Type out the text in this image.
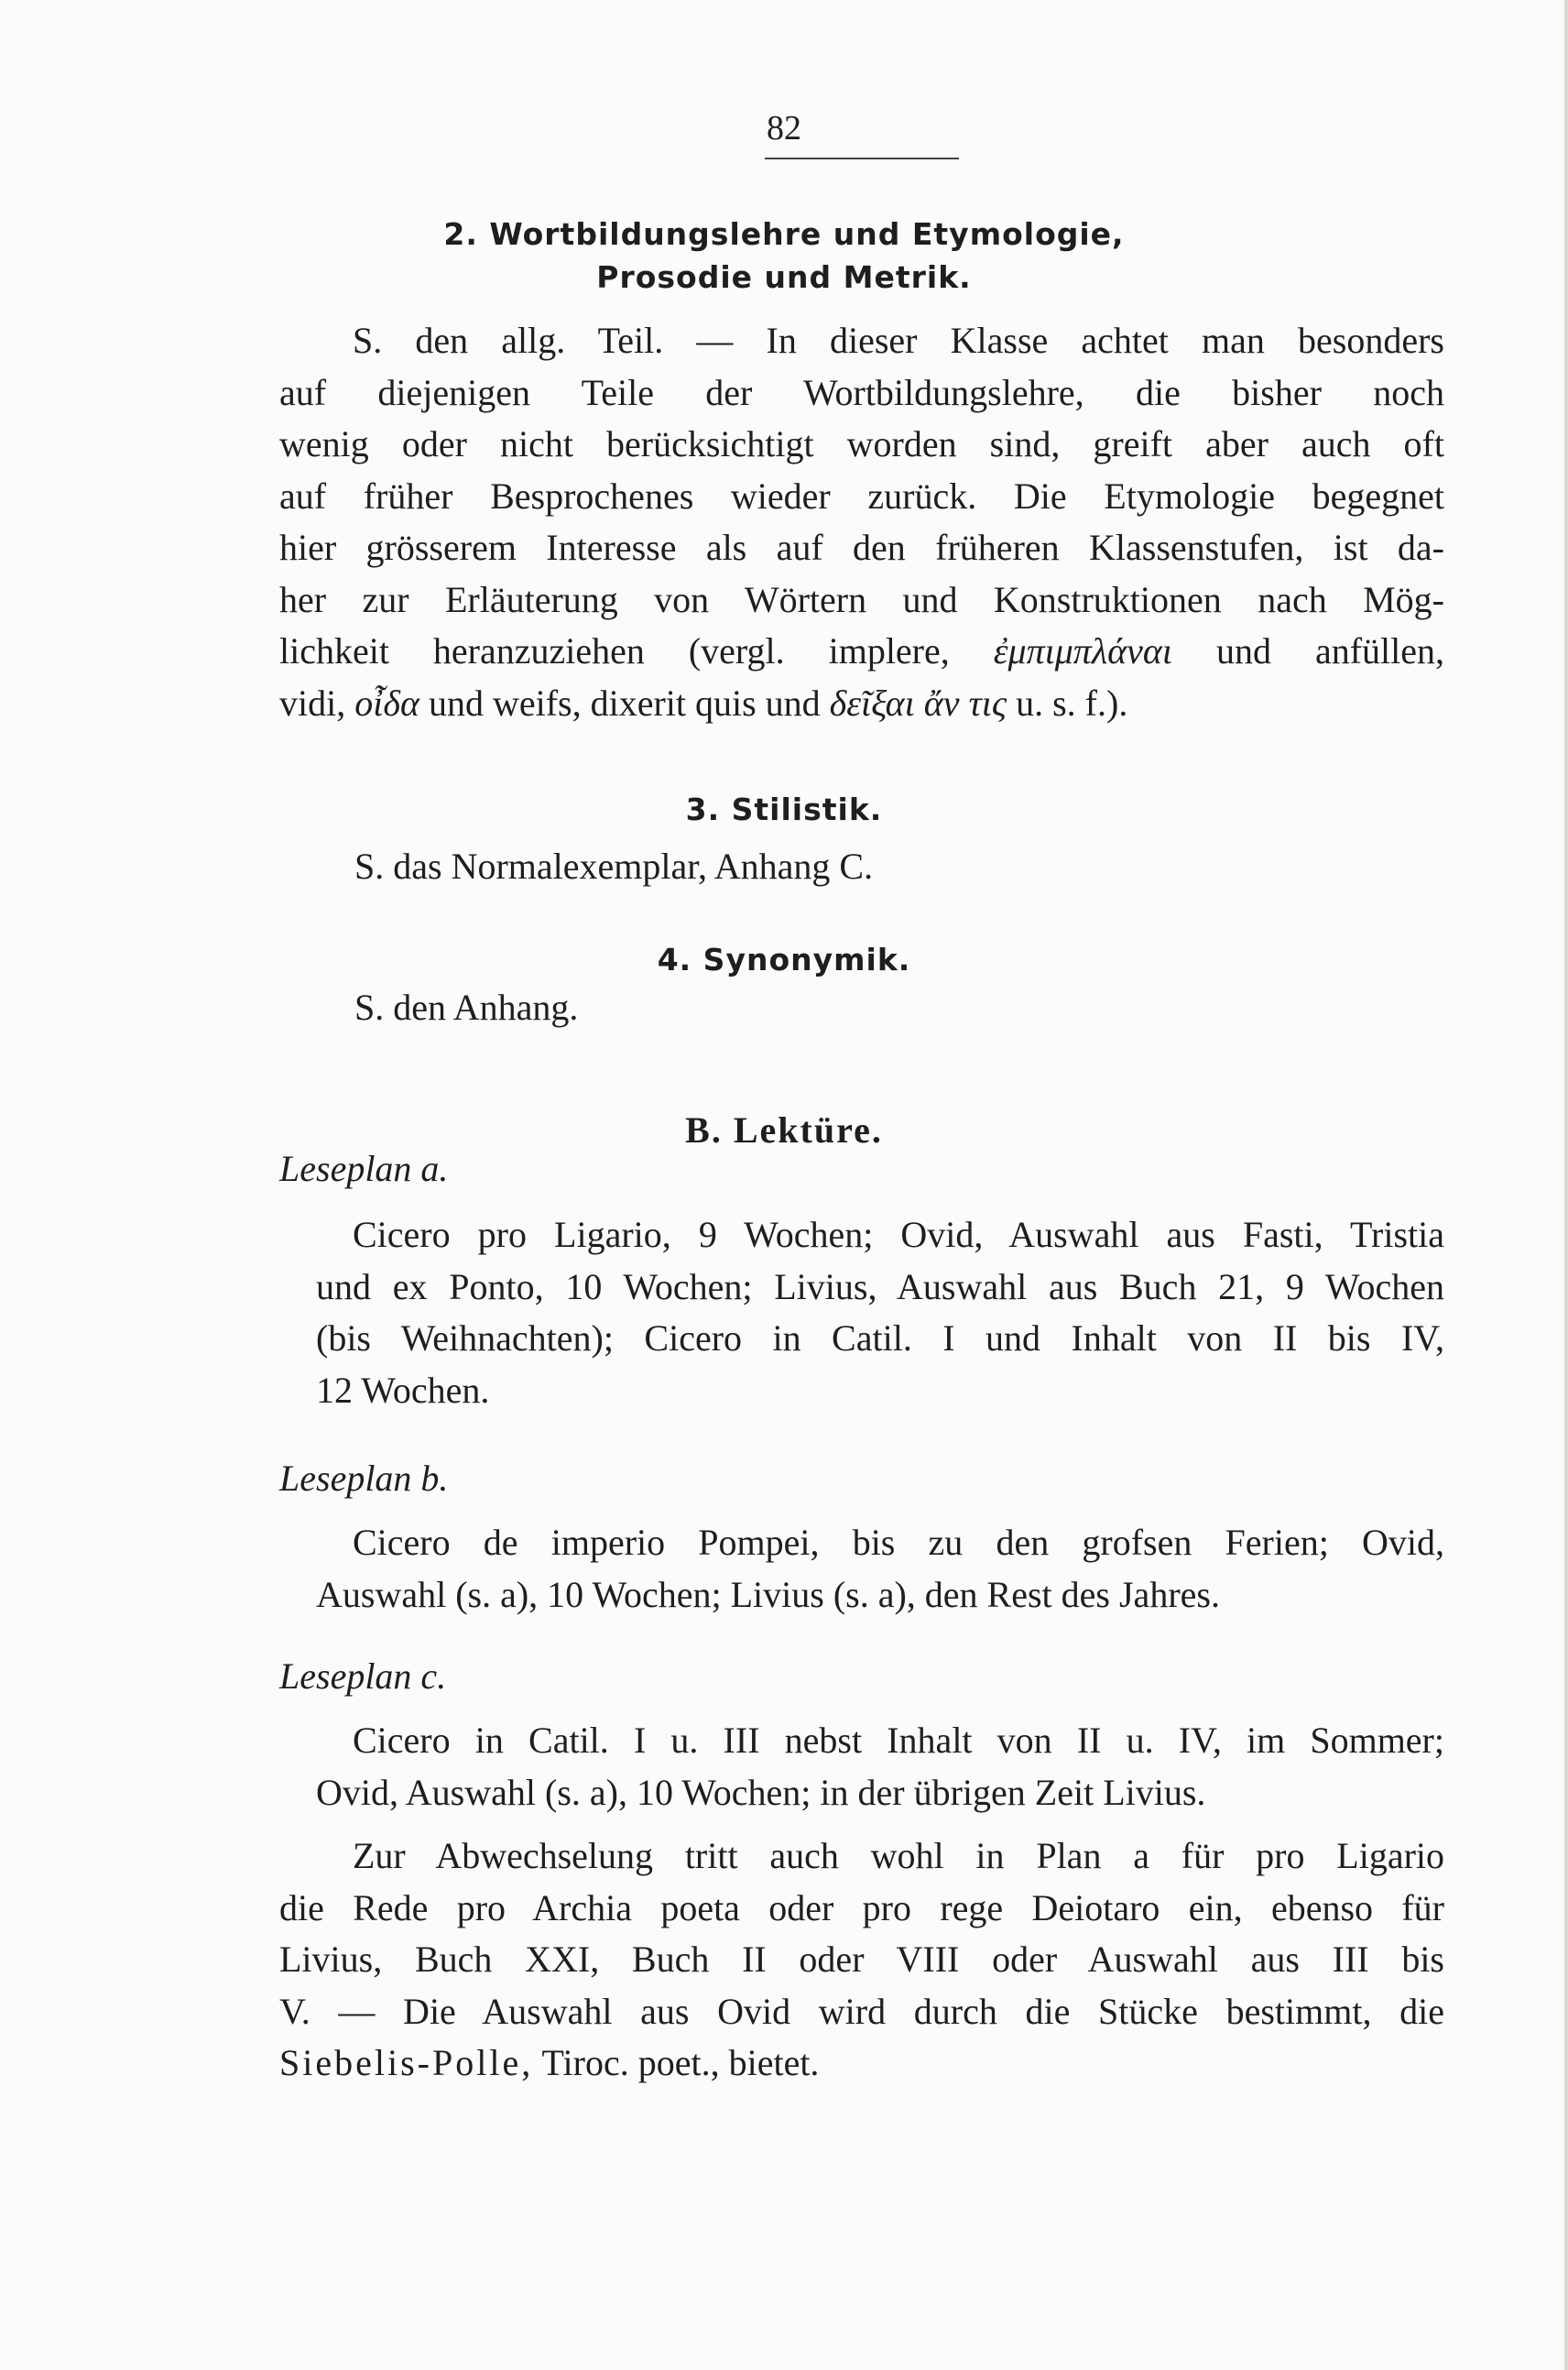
82
2. Wortbildungslehre und Etymologie,
Prosodie und Metrik.
S. den allg. Teil. — In dieser Klasse achtet man besonders
auf diejenigen Teile der Wortbildungslehre, die bisher noch
wenig oder nicht berücksichtigt worden sind, greift aber auch oft
auf früher Besprochenes wieder zurück. Die Etymologie begegnet
hier grösserem Interesse als auf den früheren Klassenstufen, ist da-
her zur Erläuterung von Wörtern und Konstruktionen nach Mög-
lichkeit heranzuziehen (vergl. implere, ἐμπιμπλάναι und anfüllen,
vidi, οἶδα und weifs, dixerit quis und δεῖξαι ἄν τις u. s. f.).
3. Stilistik.
S. das Normalexemplar, Anhang C.
4. Synonymik.
S. den Anhang.
B. Lektüre.
Leseplan a.
Cicero pro Ligario, 9 Wochen; Ovid, Auswahl aus Fasti, Tristia
und ex Ponto, 10 Wochen; Livius, Auswahl aus Buch 21, 9 Wochen
(bis Weihnachten); Cicero in Catil. I und Inhalt von II bis IV,
12 Wochen.
Leseplan b.
Cicero de imperio Pompei, bis zu den grofsen Ferien; Ovid,
Auswahl (s. a), 10 Wochen; Livius (s. a), den Rest des Jahres.
Leseplan c.
Cicero in Catil. I u. III nebst Inhalt von II u. IV, im Sommer;
Ovid, Auswahl (s. a), 10 Wochen; in der übrigen Zeit Livius.
Zur Abwechselung tritt auch wohl in Plan a für pro Ligario
die Rede pro Archia poeta oder pro rege Deiotaro ein, ebenso für
Livius, Buch XXI, Buch II oder VIII oder Auswahl aus III bis
V. — Die Auswahl aus Ovid wird durch die Stücke bestimmt, die
Siebelis-Polle, Tiroc. poet., bietet.
